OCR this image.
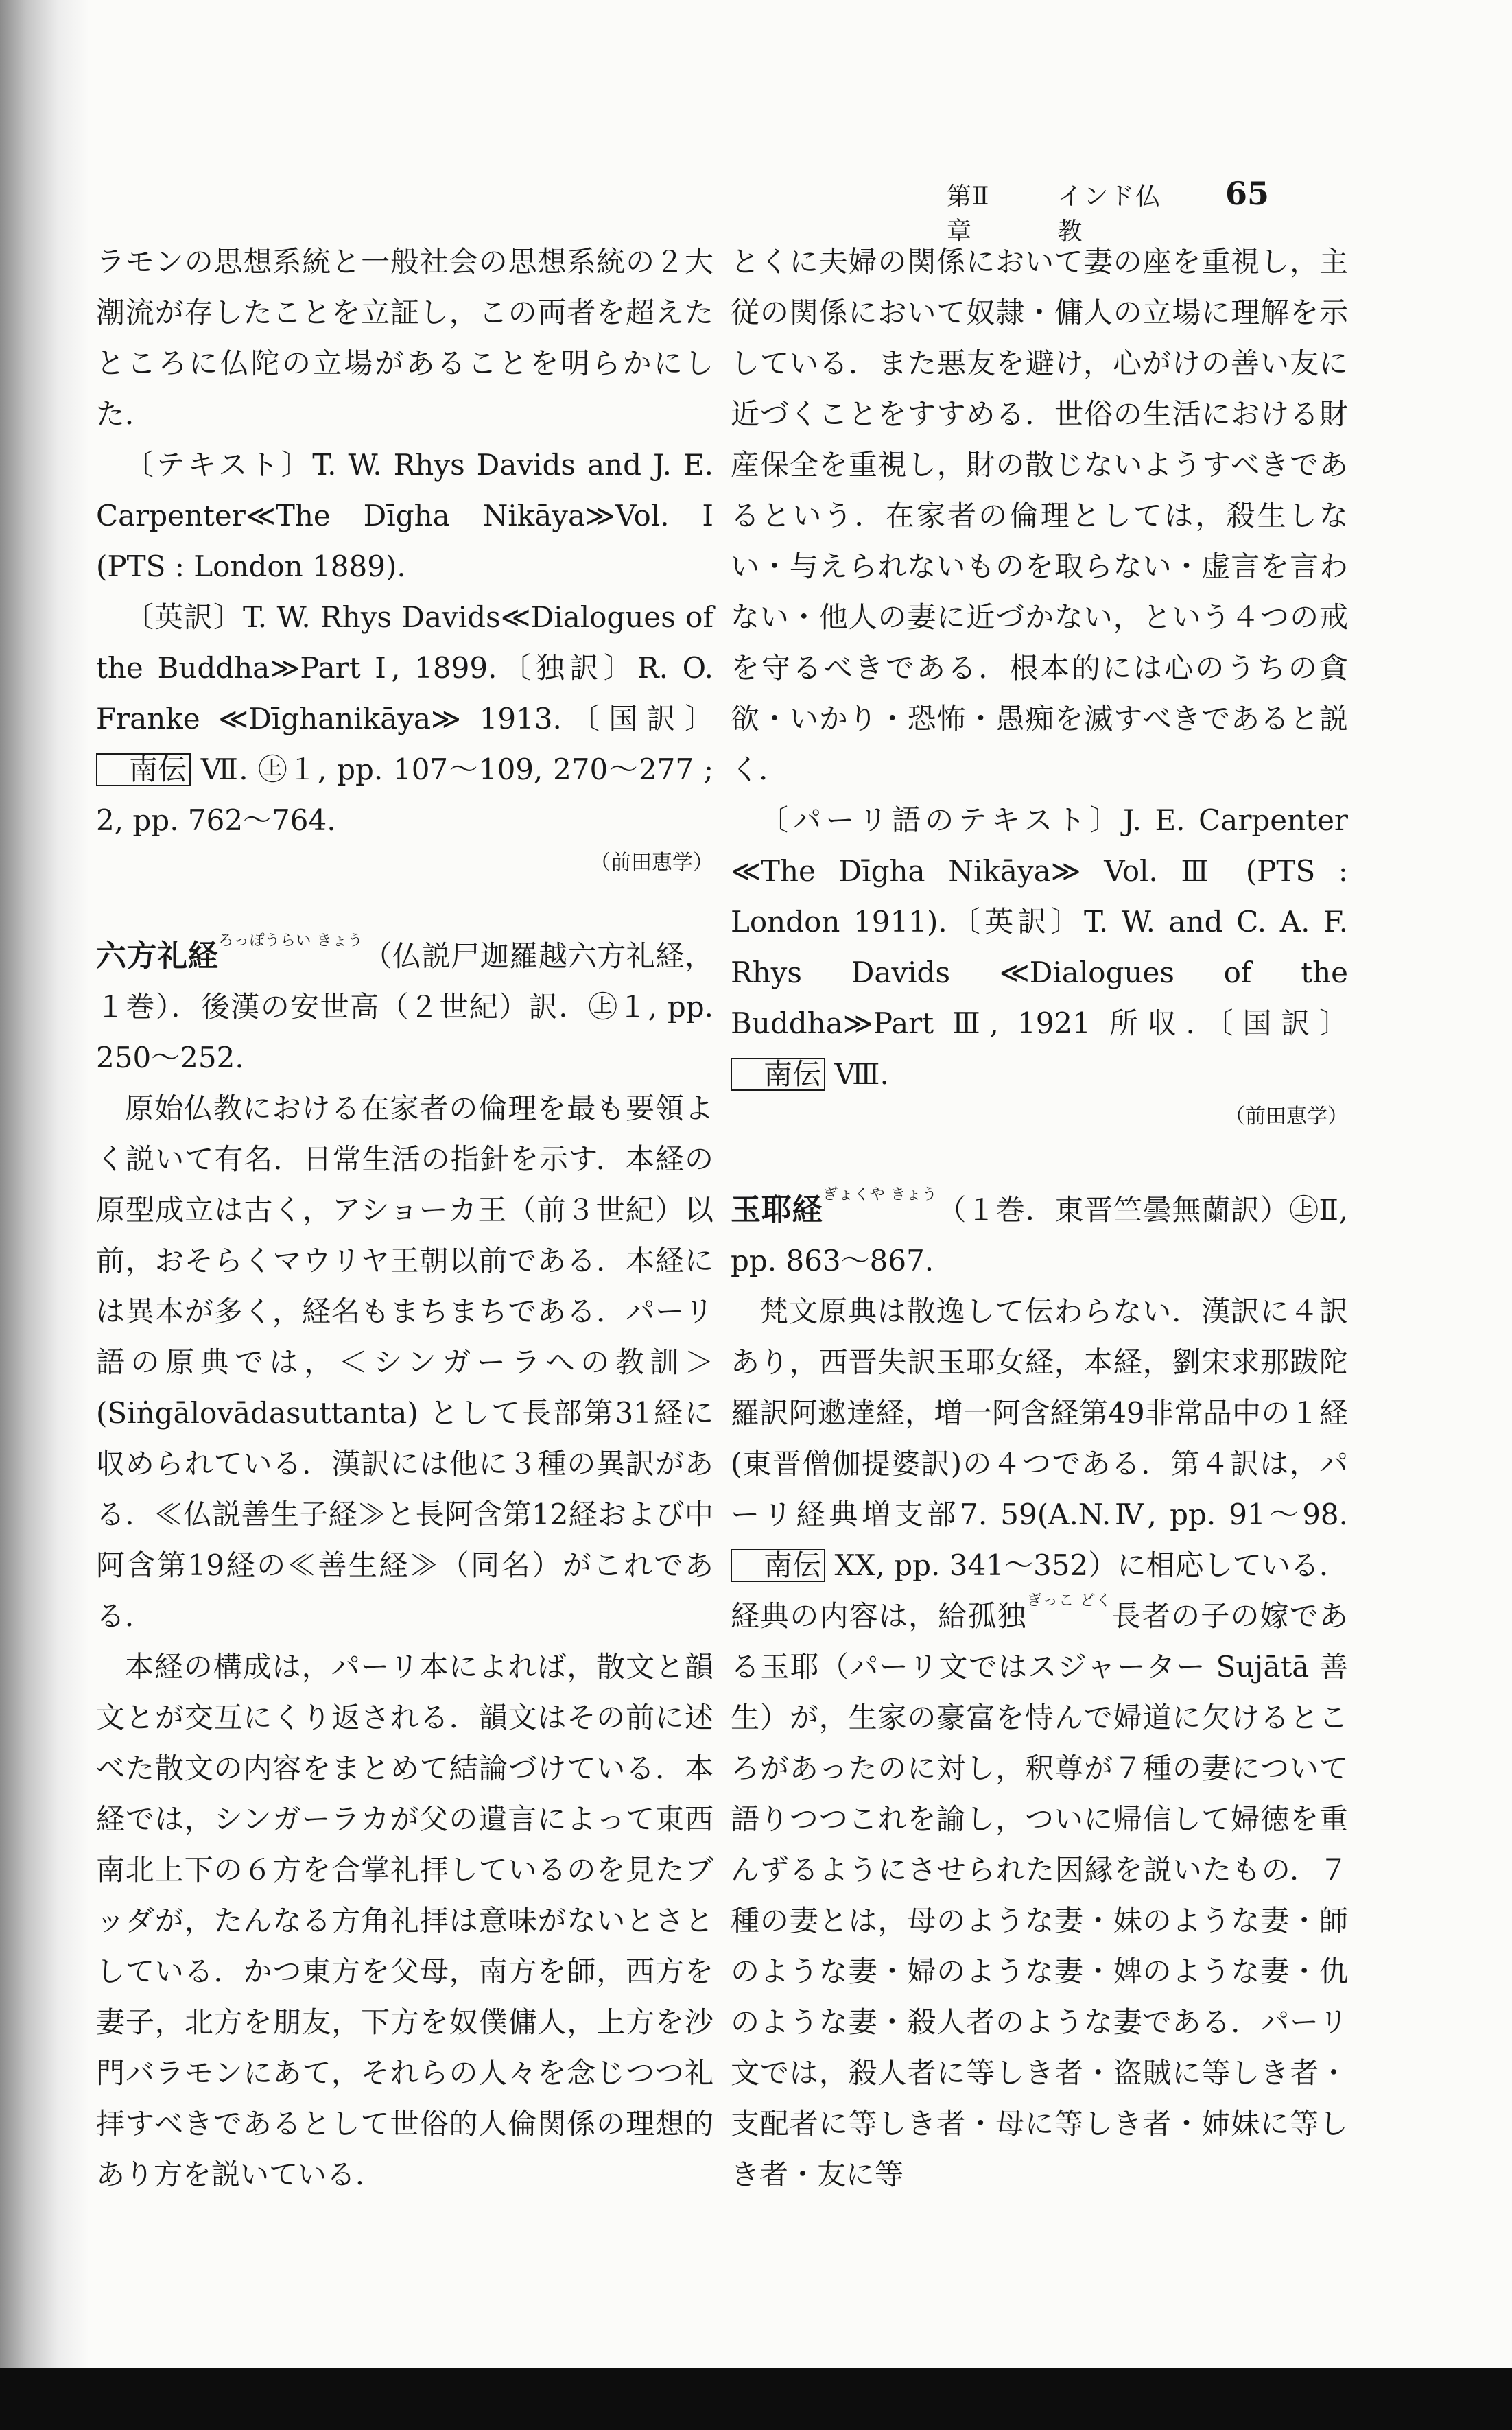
第Ⅱ章
インド仏教
65

ラモンの思想系統と一般社会の思想系統の２大潮流が存したことを立証し，この両者を超えたところに仏陀の立場があることを明らかにした．

〔テキスト〕T. W. Rhys Davids and J. E. Carpenter≪The Dīgha Nikāya≫Vol. Ⅰ (PTS : London 1889).

〔英訳〕T. W. Rhys Davids≪Dialogues of the Buddha≫Part Ⅰ, 1899.〔独訳〕R. O. Franke ≪Dīghanikāya≫ 1913.〔国訳〕南伝 Ⅶ. ㊤１, pp. 107～109, 270～277 ; 2, pp. 762～764.

（前田恵学）

六方礼経$^{ろっぽうらい きょう}$（仏説尸迦羅越六方礼経，１巻）．後漢の安世高（２世紀）訳．㊤１, pp. 250～252.

原始仏教における在家者の倫理を最も要領よく説いて有名．日常生活の指針を示す．本経の原型成立は古く，アショーカ王（前３世紀）以前，おそらくマウリヤ王朝以前である．本経には異本が多く，経名もまちまちである．パーリ語の原典では，＜シンガーラへの教訓＞(Siṅgālovādasuttanta) として長部第31経に収められている．漢訳には他に３種の異訳がある．≪仏説善生子経≫と長阿含第12経および中阿含第19経の≪善生経≫（同名）がこれである．

本経の構成は，パーリ本によれば，散文と韻文とが交互にくり返される．韻文はその前に述べた散文の内容をまとめて結論づけている．本経では，シンガーラカが父の遺言によって東西南北上下の６方を合掌礼拝しているのを見たブッダが，たんなる方角礼拝は意味がないとさとしている．かつ東方を父母，南方を師，西方を妻子，北方を朋友，下方を奴僕傭人，上方を沙門バラモンにあて，それらの人々を念じつつ礼拝すべきであるとして世俗的人倫関係の理想的あり方を説いている．

とくに夫婦の関係において妻の座を重視し，主従の関係において奴隷・傭人の立場に理解を示している．また悪友を避け，心がけの善い友に近づくことをすすめる．世俗の生活における財産保全を重視し，財の散じないようすべきであるという．在家者の倫理としては，殺生しない・与えられないものを取らない・虚言を言わない・他人の妻に近づかない，という４つの戒を守るべきである．根本的には心のうちの貪欲・いかり・恐怖・愚痴を滅すべきであると説く．

〔パーリ語のテキスト〕J. E. Carpenter ≪The Dīgha Nikāya≫ Vol. Ⅲ (PTS : London 1911).〔英訳〕T. W. and C. A. F. Rhys Davids ≪Dialogues of the Buddha≫Part Ⅲ, 1921 所収.〔国訳〕南伝 Ⅷ.

（前田恵学）

玉耶経$^{ぎょくや きょう}$（１巻．東晋竺曇無蘭訳）㊤Ⅱ, pp. 863～867.

梵文原典は散逸して伝わらない．漢訳に４訳あり，西晋失訳玉耶女経，本経，劉宋求那跋陀羅訳阿遬達経，増一阿含経第49非常品中の１経(東晋僧伽提婆訳)の４つである．第４訳は，パーリ経典増支部7. 59(A.N.Ⅳ, pp. 91～98. 南伝 ⅩⅩ, pp. 341～352）に相応している．経典の内容は，給孤独$^{ぎっこ どく}$長者の子の嫁である玉耶（パーリ文ではスジャーター Sujātā 善生）が，生家の豪富を恃んで婦道に欠けるところがあったのに対し，釈尊が７種の妻について語りつつこれを諭し，ついに帰信して婦徳を重んずるようにさせられた因縁を説いたもの．７種の妻とは，母のような妻・妹のような妻・師のような妻・婦のような妻・婢のような妻・仇のような妻・殺人者のような妻である．パーリ文では，殺人者に等しき者・盗賊に等しき者・支配者に等しき者・母に等しき者・姉妹に等しき者・友に等
